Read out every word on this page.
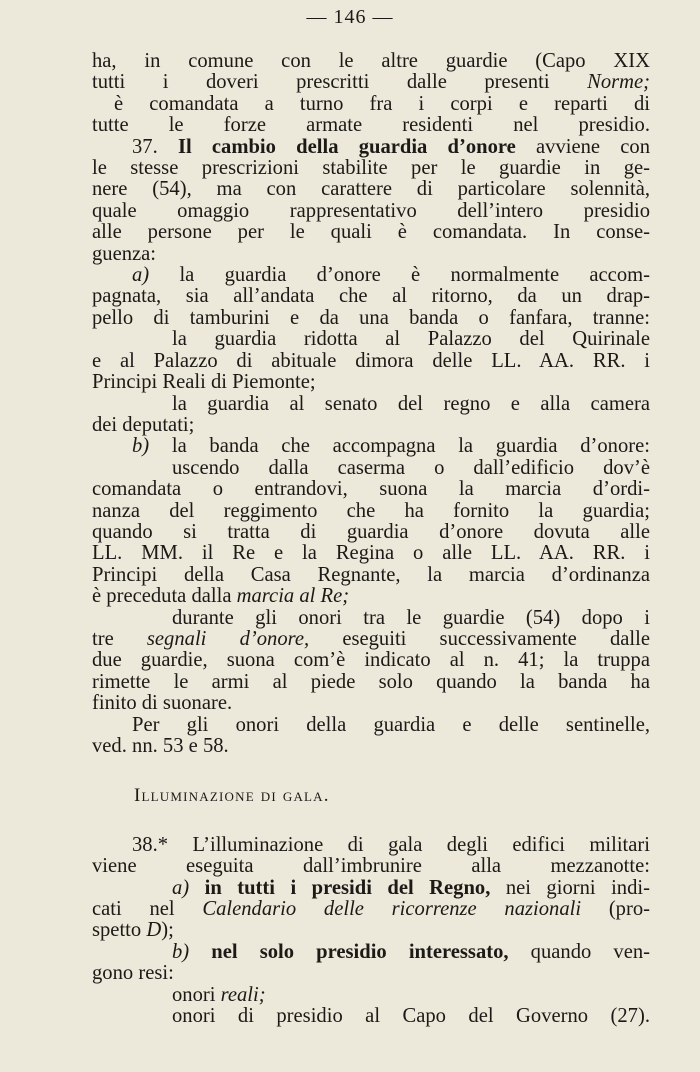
— 146 —

ha, in comune con le altre guardie (Capo XIX

tutti i doveri prescritti dalle presenti Norme;

è comandata a turno fra i corpi e reparti di

tutte le forze armate residenti nel presidio.

37. Il cambio della guardia d’onore avviene con

le stesse prescrizioni stabilite per le guardie in ge-

nere (54), ma con carattere di particolare solennità,

quale omaggio rappresentativo dell’intero presidio

alle persone per le quali è comandata. In conse-

guenza:

a) la guardia d’onore è normalmente accom-

pagnata, sia all’andata che al ritorno, da un drap-

pello di tamburini e da una banda o fanfara, tranne:

la guardia ridotta al Palazzo del Quirinale

e al Palazzo di abituale dimora delle LL. AA. RR. i

Principi Reali di Piemonte;

la guardia al senato del regno e alla camera

dei deputati;

b) la banda che accompagna la guardia d’onore:

uscendo dalla caserma o dall’edificio dov’è

comandata o entrandovi, suona la marcia d’ordi-

nanza del reggimento che ha fornito la guardia;

quando si tratta di guardia d’onore dovuta alle

LL. MM. il Re e la Regina o alle LL. AA. RR. i

Principi della Casa Regnante, la marcia d’ordinanza

è preceduta dalla marcia al Re;

durante gli onori tra le guardie (54) dopo i

tre segnali d’onore, eseguiti successivamente dalle

due guardie, suona com’è indicato al n. 41; la truppa

rimette le armi al piede solo quando la banda ha

finito di suonare.

Per gli onori della guardia e delle sentinelle,

ved. nn. 53 e 58.

Illuminazione di gala.

38.* L’illuminazione di gala degli edifici militari

viene eseguita dall’imbrunire alla mezzanotte:

a) in tutti i presidi del Regno, nei giorni indi-

cati nel Calendario delle ricorrenze nazionali (pro-

spetto D);

b) nel solo presidio interessato, quando ven-

gono resi:

onori reali;

onori di presidio al Capo del Governo (27).
